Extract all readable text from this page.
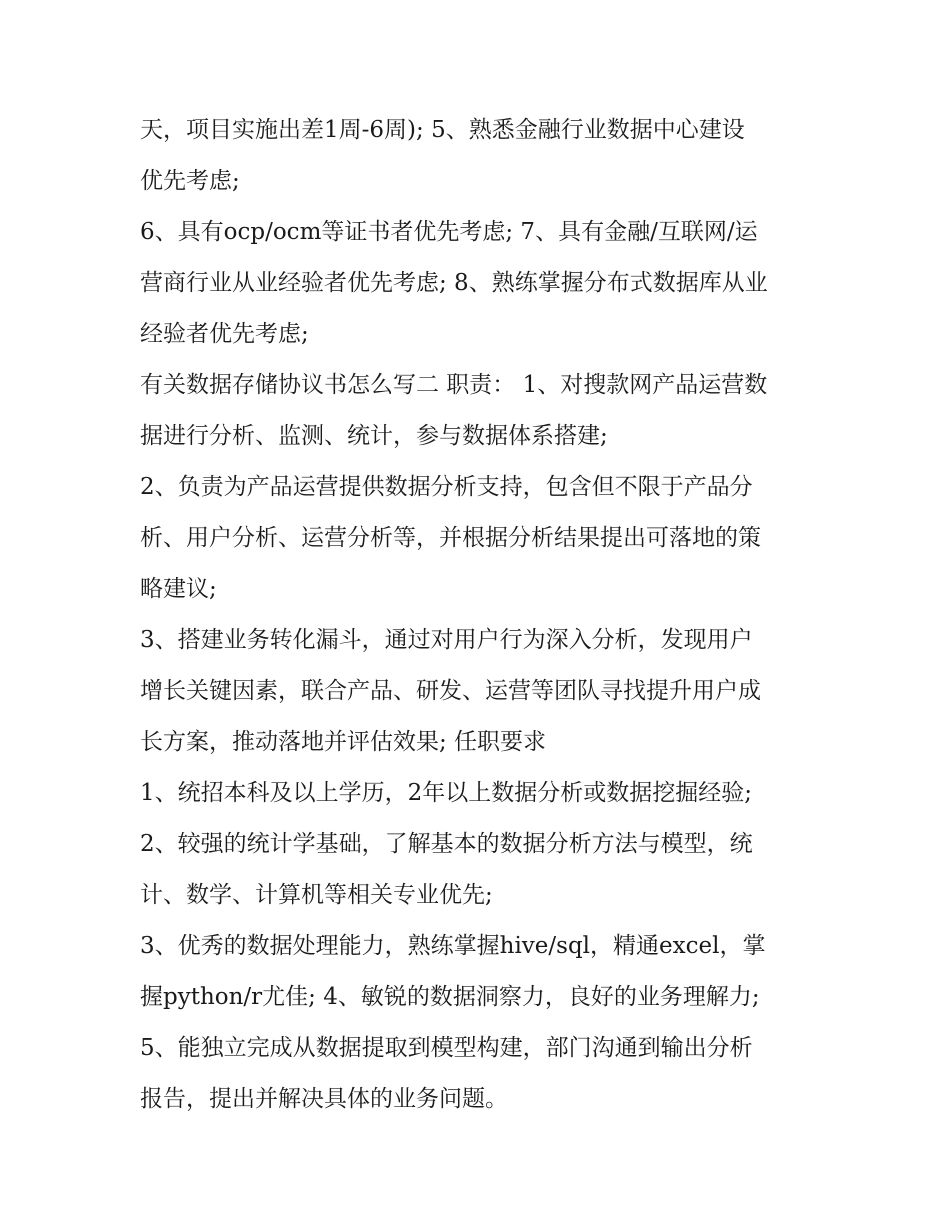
天，项目实施出差1周-6周); 5、熟悉金融行业数据中心建设

优先考虑;

6、具有ocp/ocm等证书者优先考虑; 7、具有金融/互联网/运

营商行业从业经验者优先考虑; 8、熟练掌握分布式数据库从业

经验者优先考虑;

有关数据存储协议书怎么写二 职责： 1、对搜款网产品运营数

据进行分析、监测、统计，参与数据体系搭建;

2、负责为产品运营提供数据分析支持，包含但不限于产品分

析、用户分析、运营分析等，并根据分析结果提出可落地的策

略建议;

3、搭建业务转化漏斗，通过对用户行为深入分析，发现用户

增长关键因素，联合产品、研发、运营等团队寻找提升用户成

长方案，推动落地并评估效果; 任职要求

1、统招本科及以上学历，2年以上数据分析或数据挖掘经验;

2、较强的统计学基础，了解基本的数据分析方法与模型，统

计、数学、计算机等相关专业优先;

3、优秀的数据处理能力，熟练掌握hive/sql，精通excel，掌

握python/r尤佳; 4、敏锐的数据洞察力，良好的业务理解力;

5、能独立完成从数据提取到模型构建，部门沟通到输出分析

报告，提出并解决具体的业务问题。
